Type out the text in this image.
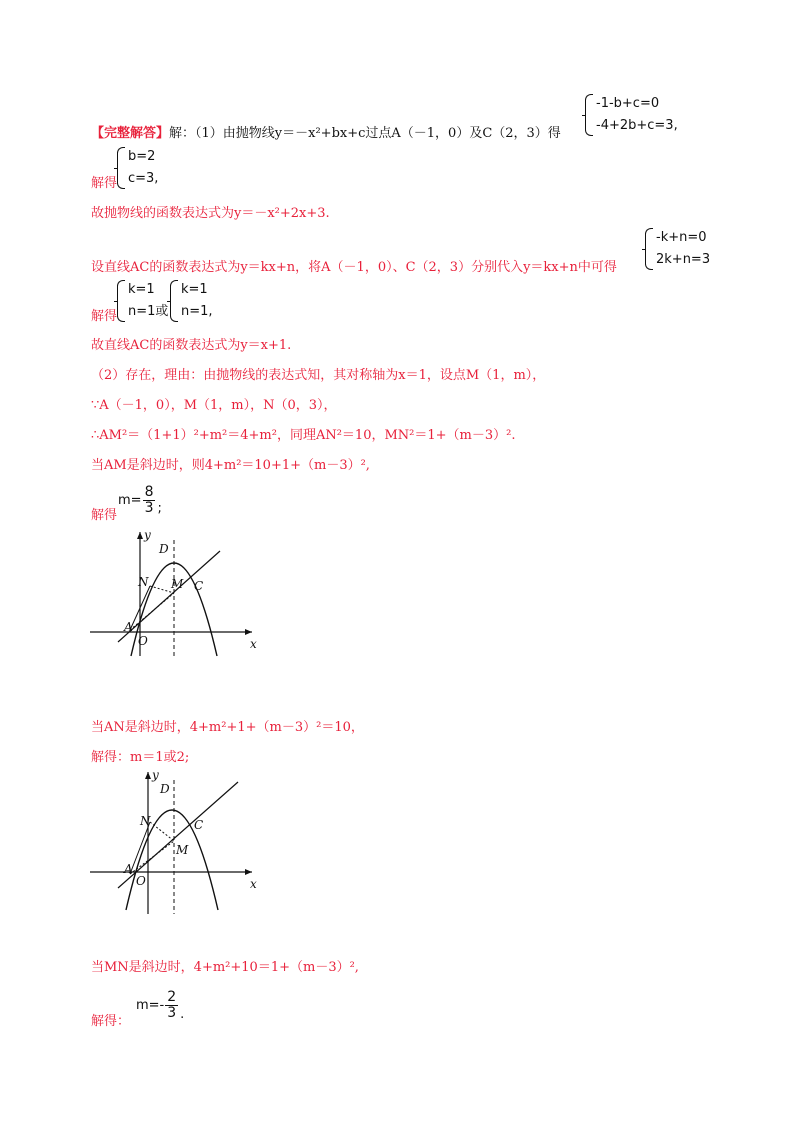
【完整解答】解：（1）由抛物线y＝－x²+bx+c过点A（－1，0）及C（2，3）得
-1-b+c=0
-4+2b+c=3,
解得
b=2
c=3,
故抛物线的函数表达式为y＝－x²+2x+3.
设直线AC的函数表达式为y＝kx+n，将A（－1，0）、C（2，3）分别代入y＝kx+n中可得
-k+n=0
2k+n=3
解得
k=1
n=1或
k=1
n=1,
故直线AC的函数表达式为y＝x+1.
（2）存在，理由：由抛物线的表达式知，其对称轴为x＝1，设点M（1，m），
∵A（－1，0），M（1，m），N（0，3），
∴AM²＝（1+1）²+m²＝4+m²，同理AN²＝10，MN²＝1+（m－3）².
当AM是斜边时，则4+m²＝10+1+（m－3）²,
解得
$m= \frac{8}{3}$ ;
y
x
O
A
N M C
D
当AN是斜边时，4+m²+1+（m－3）²＝10，
解得：m＝1或2;
y
x
O
A
N
M
C
D
当MN是斜边时，4+m²+10＝1+（m－3）²,
解得：
$m=- \frac{2}{3}$ .
